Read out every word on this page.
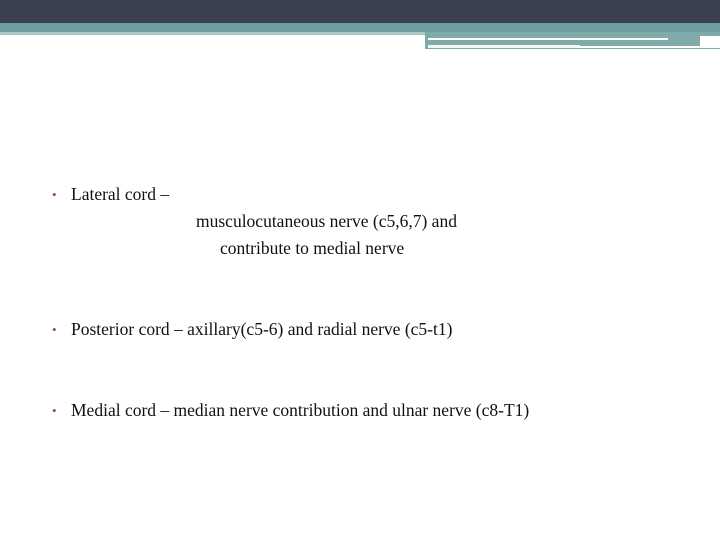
• Lateral cord –
musculocutaneous nerve (c5,6,7) and
contribute to medial nerve
• Posterior cord – axillary(c5-6) and radial nerve (c5-t1)
• Medial cord – median nerve contribution and ulnar nerve (c8-T1)
